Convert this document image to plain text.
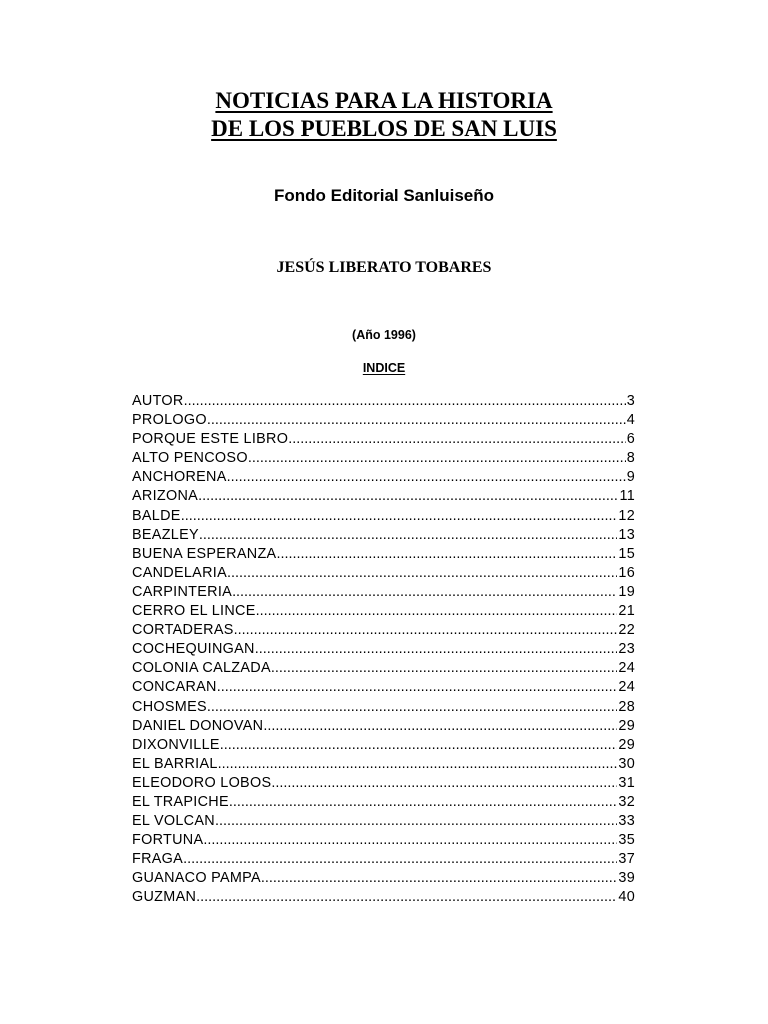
NOTICIAS PARA LA HISTORIA
DE LOS PUEBLOS DE SAN LUIS
Fondo Editorial Sanluiseño
JESÚS LIBERATO TOBARES
(Año 1996)
INDICE
AUTOR .....	3
PROLOGO .....	4
PORQUE ESTE LIBRO .....	6
ALTO PENCOSO .....	8
ANCHORENA .....	9
ARIZONA .....	11
BALDE .....	12
BEAZLEY .....	13
BUENA ESPERANZA .....	15
CANDELARIA .....	16
CARPINTERIA .....	19
CERRO EL LINCE .....	21
CORTADERAS .....	22
COCHEQUINGAN .....	23
COLONIA CALZADA .....	24
CONCARAN .....	24
CHOSMES .....	28
DANIEL DONOVAN .....	29
DIXONVILLE .....	29
EL BARRIAL .....	30
ELEODORO LOBOS .....	31
EL TRAPICHE .....	32
EL VOLCAN .....	33
FORTUNA .....	35
FRAGA .....	37
GUANACO PAMPA .....	39
GUZMAN .....	40
